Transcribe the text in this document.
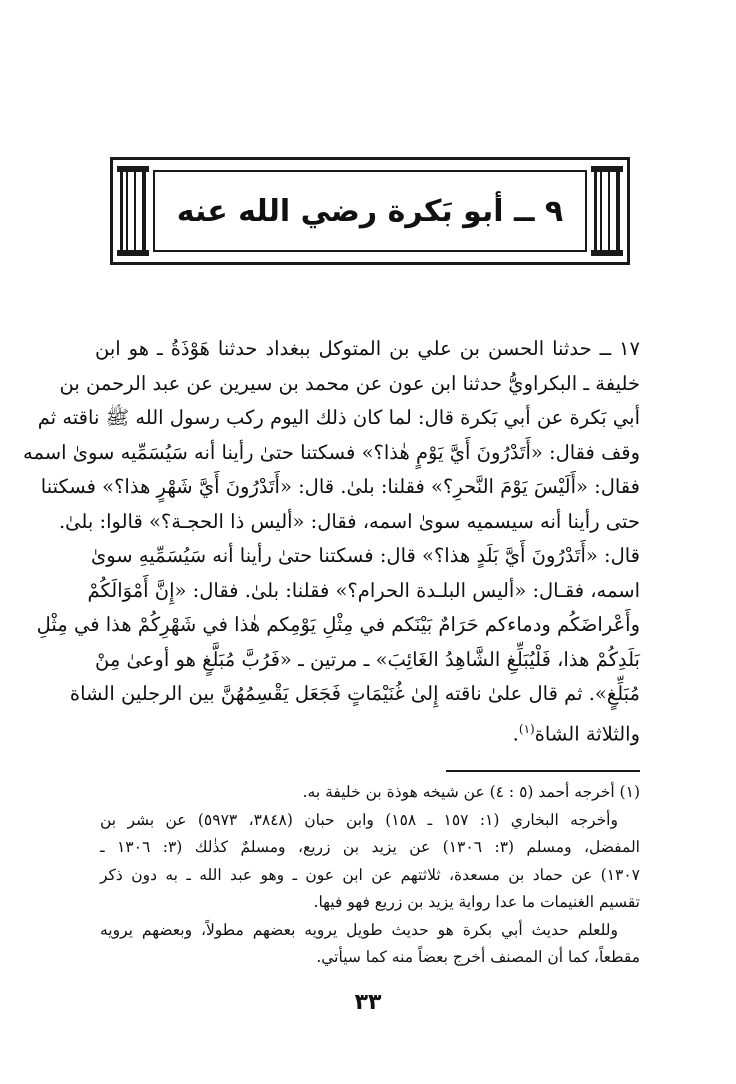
٩ ــ أبو بَكرة رضي الله عنه
١٧ ــ حدثنا الحسن بن علي بن المتوكل ببغداد حدثنا هَوْذَةُ ـ هو ابن
خليفة ـ البكراويُّ حدثنا ابن عون عن محمد بن سيرين عن عبد الرحمن بن
أبي بَكرة عن أبي بَكرة قال: لما كان ذلك اليوم ركب رسول الله ﷺ ناقته ثم
وقف فقال: «أَتَدْرُونَ أَيَّ يَوْمٍ هٰذا؟» فسكتنا حتىٰ رأينا أنه سَيُسَمِّيه سوىٰ اسمه
فقال: «أَلَيْسَ يَوْمَ النَّحرِ؟» فقلنا: بلىٰ. قال: «أَتَدْرُونَ أَيَّ شَهْرٍ هذا؟» فسكتنا
حتى رأينا أنه سيسميه سوىٰ اسمه، فقال: «أليس ذا الحجـة؟» قالوا: بلىٰ.
قال: «أَتَدْرُونَ أَيَّ بَلَدٍ هذا؟» قال: فسكتنا حتىٰ رأينا أنه سَيُسَمِّيهِ سوىٰ
اسمه، فقـال: «أليس البلـدة الحرام؟» فقلنا: بلىٰ. فقال: «إِنَّ أَمْوَالَكُمْ
وأَعْراضَكُم ودماءكم حَرَامٌ بَيْنَكم في مِثْلِ يَوْمِكم هٰذا في شَهْرِكُمْ هذا في مِثْلِ
بَلَدِكُمْ هذا، فَلْيُبَلِّغِ الشَّاهِدُ الغَائِبَ» ـ مرتين ـ «فَرُبَّ مُبَلَّغٍ هو أوعىٰ مِنْ
مُبَلِّغٍ». ثم قال علىٰ ناقته إِلىٰ غُنَيْمَاتٍ فَجَعَل يَقْسِمُهُنَّ بين الرجلين الشاة
والثلاثة الشاة$^{(١)}$.
(١) أخرجه أحمد (٥ : ٤) عن شيخه هوذة بن خليفة به.
وأخرجه البخاري (١: ١٥٧ ـ ١٥٨) وابن حبان (٣٨٤٨، ٥٩٧٣) عن بشر بن
المفضل، ومسلم (٣: ١٣٠٦) عن يزيد بن زريع، ومسلمٌ كذٰلك (٣: ١٣٠٦ ـ
١٣٠٧) عن حماد بن مسعدة، ثلاثتهم عن ابن عون ـ وهو عبد الله ـ به دون ذكر
تقسيم الغنيمات ما عدا رواية يزيد بن زريع فهو فيها.
وللعلم حديث أبي بكرة هو حديث طويل يرويه بعضهم مطولاً، وبعضهم يرويه
مقطعاً، كما أن المصنف أخرج بعضاً منه كما سيأتي.
٣٣
